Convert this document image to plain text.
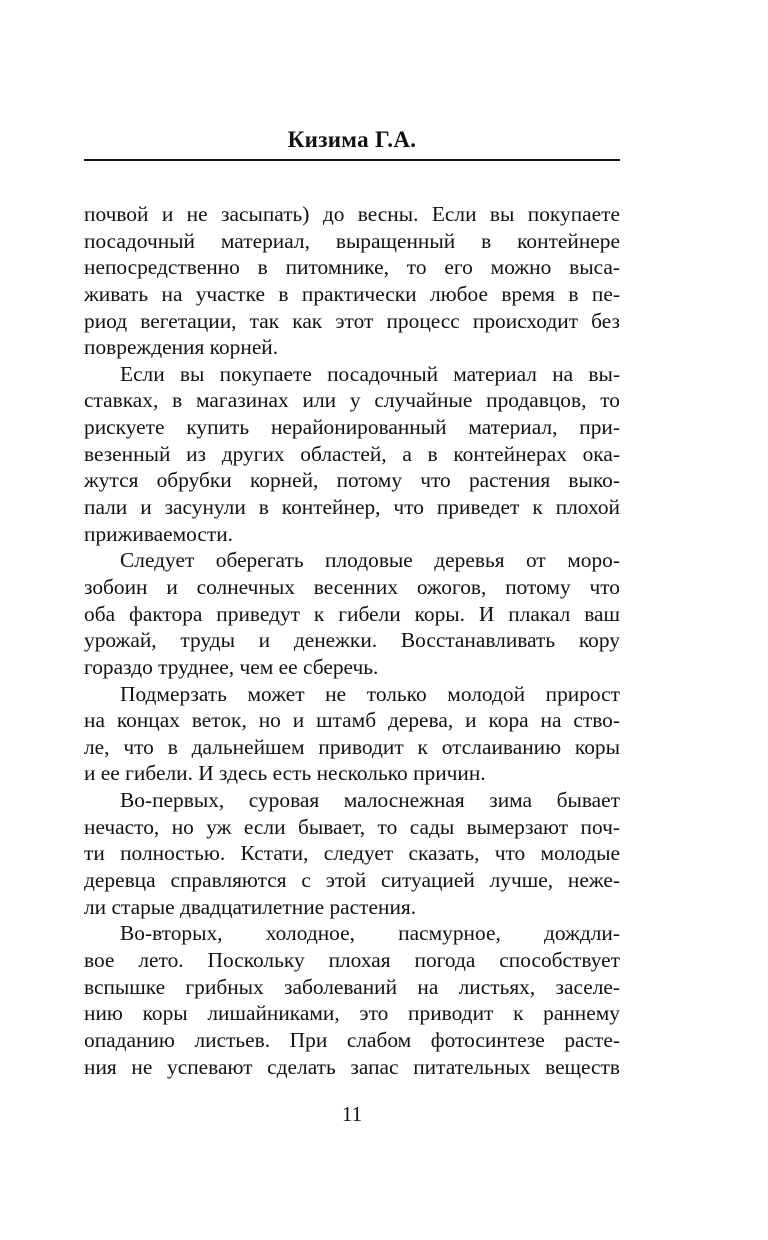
Кизима Г.А.

почвой и не засыпать) до весны. Если вы покупаете
посадочный материал, выращенный в контейнере
непосредственно в питомнике, то его можно выса-
живать на участке в практически любое время в пе-
риод вегетации, так как этот процесс происходит без
повреждения корней.

Если вы покупаете посадочный материал на вы-
ставках, в магазинах или у случайные продавцов, то
рискуете купить нерайонированный материал, при-
везенный из других областей, а в контейнерах ока-
жутся обрубки корней, потому что растения выко-
пали и засунули в контейнер, что приведет к плохой
приживаемости.

Следует оберегать плодовые деревья от моро-
зобоин и солнечных весенних ожогов, потому что
оба фактора приведут к гибели коры. И плакал ваш
урожай, труды и денежки. Восстанавливать кору
гораздо труднее, чем ее сберечь.

Подмерзать может не только молодой прирост
на концах веток, но и штамб дерева, и кора на ство-
ле, что в дальнейшем приводит к отслаиванию коры
и ее гибели. И здесь есть несколько причин.

Во-первых, суровая малоснежная зима бывает
нечасто, но уж если бывает, то сады вымерзают поч-
ти полностью. Кстати, следует сказать, что молодые
деревца справляются с этой ситуацией лучше, неже-
ли старые двадцатилетние растения.

Во-вторых, холодное, пасмурное, дождли-
вое лето. Поскольку плохая погода способствует
вспышке грибных заболеваний на листьях, заселе-
нию коры лишайниками, это приводит к раннему
опаданию листьев. При слабом фотосинтезе расте-
ния не успевают сделать запас питательных веществ

11
